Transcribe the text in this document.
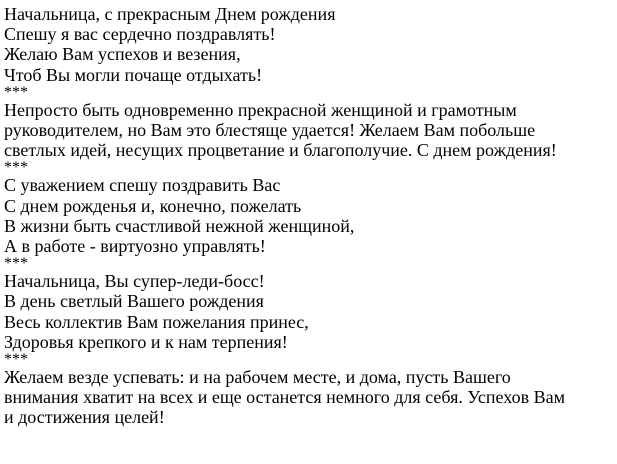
Начальница, с прекрасным Днем рождения
Спешу я вас сердечно поздравлять!
Желаю Вам успехов и везения,
Чтоб Вы могли почаще отдыхать!
***
Непросто быть одновременно прекрасной женщиной и грамотным
руководителем, но Вам это блестяще удается! Желаем Вам побольше
светлых идей, несущих процветание и благополучие. С днем рождения!
***
С уважением спешу поздравить Вас
С днем рожденья и, конечно, пожелать
В жизни быть счастливой нежной женщиной,
А в работе - виртуозно управлять!
***
Начальница, Вы супер-леди-босс!
В день светлый Вашего рождения
Весь коллектив Вам пожелания принес,
Здоровья крепкого и к нам терпения!
***
Желаем везде успевать: и на рабочем месте, и дома, пусть Вашего
внимания хватит на всех и еще останется немного для себя. Успехов Вам
и достижения целей!
